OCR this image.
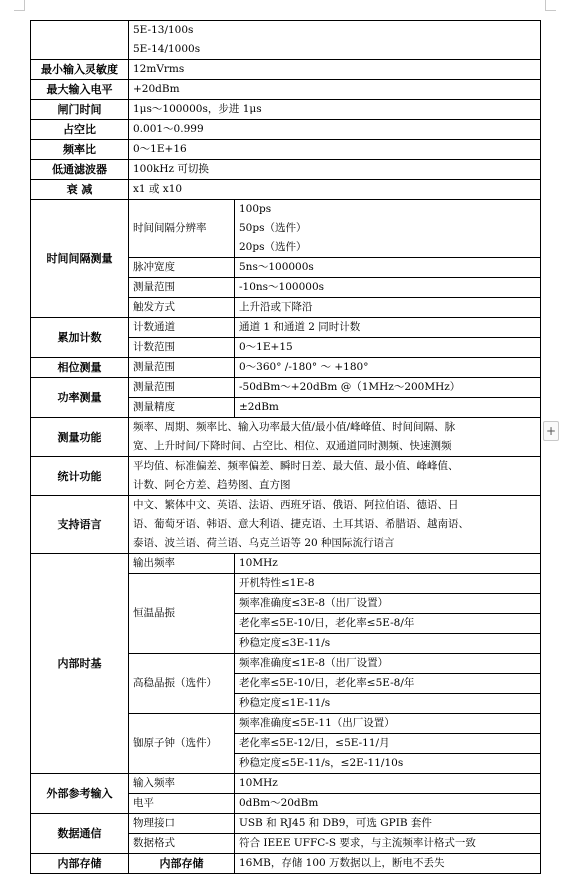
	5E-13/100s
5E-14/1000s	

最小输入灵敏度	12mVrms	
最大输入电平	+20dBm	
闸门时间	1μs～100000s，步进 1μs	
占空比	0.001～0.999	
频率比	0～1E+16	
低通滤波器	100kHz 可切换	
衰 减	x1 或 x10	
时间间隔测量	时间间隔分辨率	100ps
50ps（选件）
20ps（选件）

	脉冲宽度	5ns～100000s
	测量范围	-10ns～100000s
	触发方式	上升沿或下降沿
累加计数	计数通道	通道 1 和通道 2 同时计数
	计数范围	0～1E+15
相位测量	测量范围	0～360° /-180° ～ +180°
功率测量	测量范围	-50dBm～+20dBm @（1MHz～200MHz）
	测量精度	±2dBm
测量功能	频率、周期、频率比、输入功率最大值/最小值/峰峰值、时间间隔、脉
宽、上升时间/下降时间、占空比、相位、双通道同时测频、快速测频	

统计功能	平均值、标准偏差、频率偏差、瞬时日差、最大值、最小值、峰峰值、
计数、阿仑方差、趋势图、直方图	

支持语言	中文、繁体中文、英语、法语、西班牙语、俄语、阿拉伯语、德语、日
语、葡萄牙语、韩语、意大利语、捷克语、土耳其语、希腊语、越南语、
泰语、波兰语、荷兰语、乌克兰语等 20 种国际流行语言	

内部时基	输出频率	10MHz
	恒温晶振	开机特性≤1E-8
		频率准确度≤3E-8（出厂设置）
		老化率≤5E-10/日，老化率≤5E-8/年
		秒稳定度≤3E-11/s
	高稳晶振（选件）	频率准确度≤1E-8（出厂设置）
		老化率≤5E-10/日，老化率≤5E-8/年
		秒稳定度≤1E-11/s
	铷原子钟（选件）	频率准确度≤5E-11（出厂设置）
		老化率≤5E-12/日，≤5E-11/月
		秒稳定度≤5E-11/s，≤2E-11/10s
外部参考输入	输入频率	10MHz
	电平	0dBm～20dBm
数据通信	物理接口	USB 和 RJ45 和 DB9，可选 GPIB 套件
	数据格式	符合 IEEE UFFC-S 要求，与主流频率计格式一致
内部存储	内部存储	16MB，存储 100 万数据以上，断电不丢失
+
